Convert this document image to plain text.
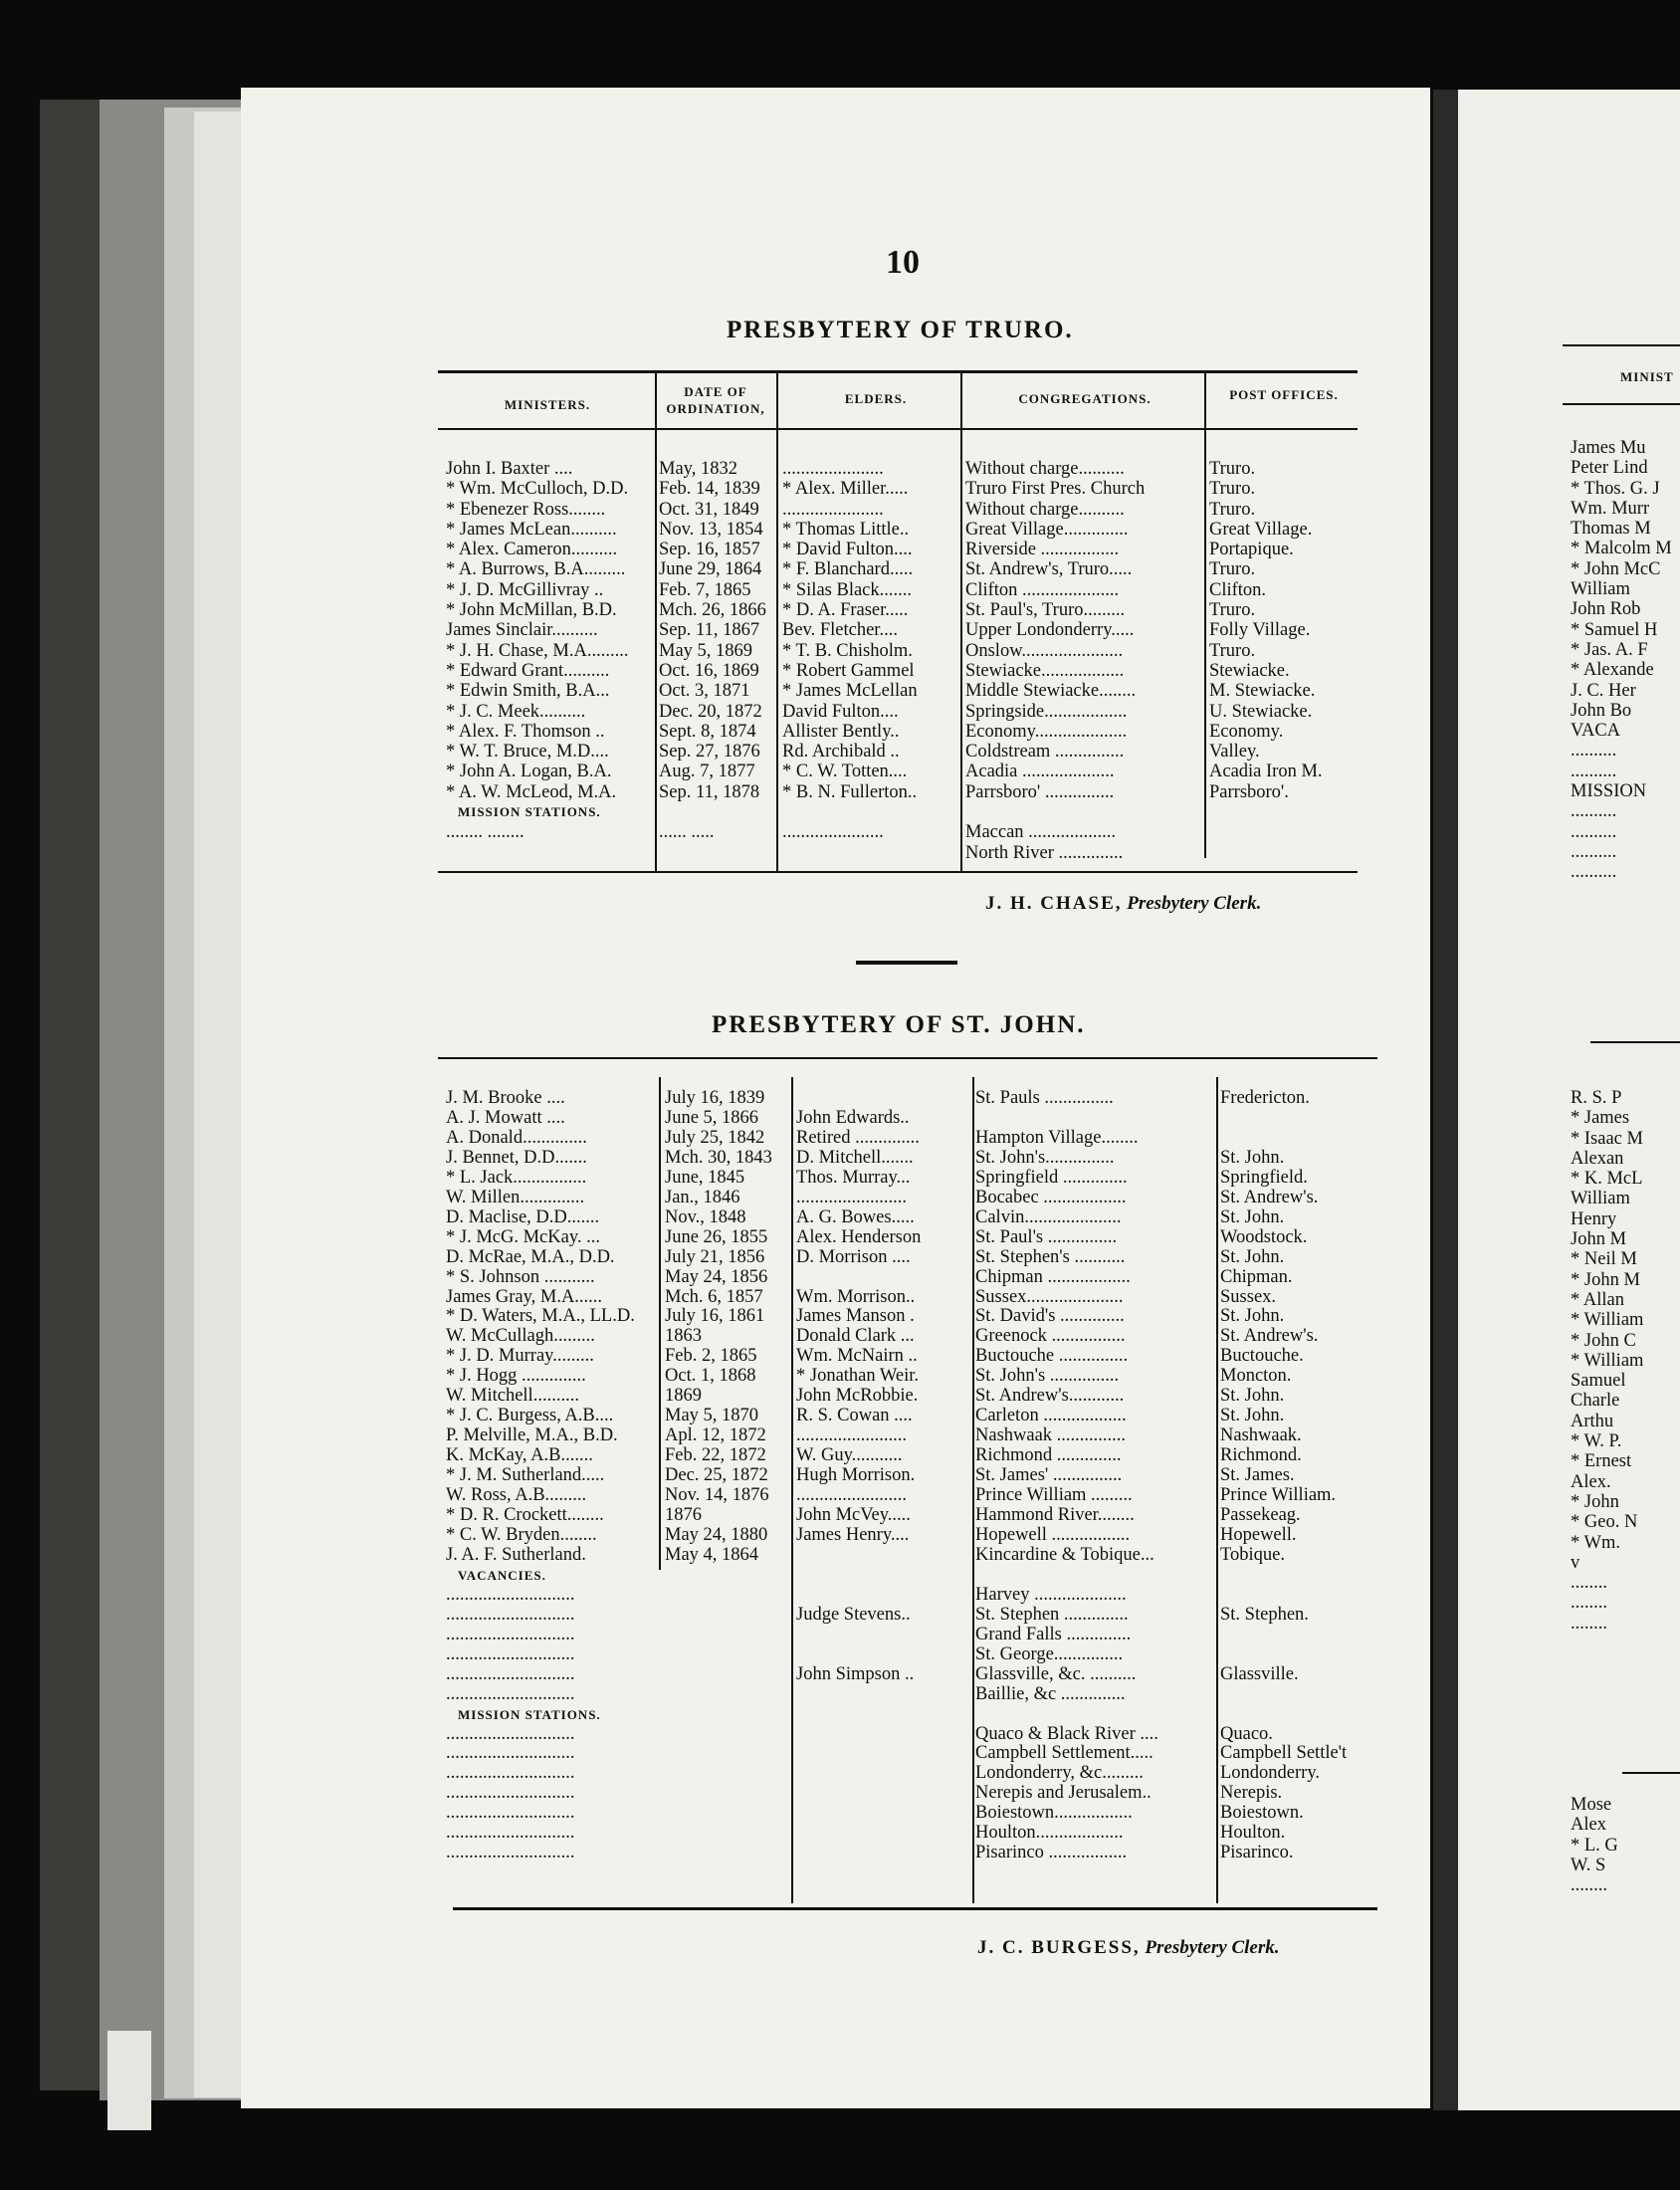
10
PRESBYTERY OF TRURO.
MINISTERS.
DATE OF ORDINATION,
ELDERS.	CONGREGATIONS.	POST OFFICES.
John I. Baxter ....
* Wm. McCulloch, D.D.
* Ebenezer Ross........
* James McLean..........
* Alex. Cameron..........
* A. Burrows, B.A.........
* J. D. McGillivray ..
* John McMillan, B.D.
James Sinclair..........
* J. H. Chase, M.A.........
* Edward Grant..........
* Edwin Smith, B.A...
* J. C. Meek..........
* Alex. F. Thomson ..
* W. T. Bruce, M.D....
* John A. Logan, B.A.
* A. W. McLeod, M.A.
MISSION STATIONS.
........ ........
May, 1832
Feb. 14, 1839
Oct. 31, 1849
Nov. 13, 1854
Sep. 16, 1857
June 29, 1864
Feb. 7, 1865
Mch. 26, 1866
Sep. 11, 1867
May 5, 1869
Oct. 16, 1869
Oct. 3, 1871
Dec. 20, 1872
Sept. 8, 1874
Sep. 27, 1876
Aug. 7, 1877
Sep. 11, 1878
...... .....
......................
* Alex. Miller.....
......................
* Thomas Little..
* David Fulton....
* F. Blanchard.....
* Silas Black.......
* D. A. Fraser.....
Bev. Fletcher....
* T. B. Chisholm.
* Robert Gammel
* James McLellan
David Fulton....
Allister Bently..
Rd. Archibald ..
* C. W. Totten....
* B. N. Fullerton..
......................
Without charge..........
Truro First Pres. Church
Without charge..........
Great Village..............
Riverside .................
St. Andrew's, Truro.....
Clifton .....................
St. Paul's, Truro.........
Upper Londonderry.....
Onslow......................
Stewiacke..................
Middle Stewiacke........
Springside..................
Economy....................
Coldstream ...............
Acadia ....................
Parrsboro' ...............
Maccan ...................
North River ..............
Truro.
Truro.
Truro.
Great Village.
Portapique.
Truro.
Clifton.
Truro.
Folly Village.
Truro.
Stewiacke.
M. Stewiacke.
U. Stewiacke.
Economy.
Valley.
Acadia Iron M.
Parrsboro'.
J. H. CHASE, Presbytery Clerk.
PRESBYTERY OF ST. JOHN.
J. M. Brooke ....
A. J. Mowatt ....
A. Donald..............
J. Bennet, D.D.......
* L. Jack................
W. Millen..............
D. Maclise, D.D.......
* J. McG. McKay. ...
D. McRae, M.A., D.D.
* S. Johnson ...........
James Gray, M.A......
* D. Waters, M.A., LL.D.
W. McCullagh.........
* J. D. Murray.........
* J. Hogg ..............
W. Mitchell..........
* J. C. Burgess, A.B....
P. Melville, M.A., B.D.
K. McKay, A.B.......
* J. M. Sutherland.....
W. Ross, A.B.........
* D. R. Crockett........
* C. W. Bryden........
J. A. F. Sutherland.
VACANCIES.
............................
............................
............................
............................
............................
............................
MISSION STATIONS.
............................
............................
............................
............................
............................
............................
............................
July 16, 1839
June 5, 1866
July 25, 1842
Mch. 30, 1843
June, 1845
Jan., 1846
Nov., 1848
June 26, 1855
July 21, 1856
May 24, 1856
Mch. 6, 1857
July 16, 1861
1863
Feb. 2, 1865
Oct. 1, 1868
1869
May 5, 1870
Apl. 12, 1872
Feb. 22, 1872
Dec. 25, 1872
Nov. 14, 1876
1876
May 24, 1880
May 4, 1864
John Edwards..
Retired ..............
D. Mitchell.......
Thos. Murray...
........................
A. G. Bowes.....
Alex. Henderson
D. Morrison ....
Wm. Morrison..
James Manson .
Donald Clark ...
Wm. McNairn ..
* Jonathan Weir.
John McRobbie.
R. S. Cowan ....
........................
W. Guy...........
Hugh Morrison.
........................
John McVey.....
James Henry....
Judge Stevens..
John Simpson ..
St. Pauls ...............
Hampton Village........
St. John's...............
Springfield ..............
Bocabec ..................
Calvin.....................
St. Paul's ...............
St. Stephen's ...........
Chipman ..................
Sussex.....................
St. David's ..............
Greenock ................
Buctouche ...............
St. John's ...............
St. Andrew's............
Carleton ..................
Nashwaak ...............
Richmond ..............
St. James' ...............
Prince William .........
Hammond River........
Hopewell .................
Kincardine & Tobique...
Harvey ....................
St. Stephen ..............
Grand Falls ..............
St. George...............
Glassville, &c. ..........
Baillie, &c ..............
Quaco & Black River ....
Campbell Settlement.....
Londonderry, &c.........
Nerepis and Jerusalem..
Boiestown.................
Houlton...................
Pisarinco .................
Fredericton.
St. John.
Springfield.
St. Andrew's.
St. John.
Woodstock.
St. John.
Chipman.
Sussex.
St. John.
St. Andrew's.
Buctouche.
Moncton.
St. John.
St. John.
Nashwaak.
Richmond.
St. James.
Prince William.
Passekeag.
Hopewell.
Tobique.
St. Stephen.
Glassville.
Quaco.
Campbell Settle't
Londonderry.
Nerepis.
Boiestown.
Houlton.
Pisarinco.
J. C. BURGESS, Presbytery Clerk.
MINIST
James Mu
Peter Lind
* Thos. G. J
Wm. Murr
Thomas M
* Malcolm M
* John McC
William
John Rob
* Samuel H
* Jas. A. F
* Alexande
J. C. Her
John Bo
VACA
..........
..........
MISSION
..........
..........
..........
..........
R. S. P
* James
* Isaac M
Alexan
* K. McL
William
Henry
John M
* Neil M
* John M
* Allan
* William
* John C
* William
Samuel
Charle
Arthu
* W. P.
* Ernest
Alex.
* John
* Geo. N
* Wm.
v
........
........
........
Mose
Alex
* L. G
W. S
........
